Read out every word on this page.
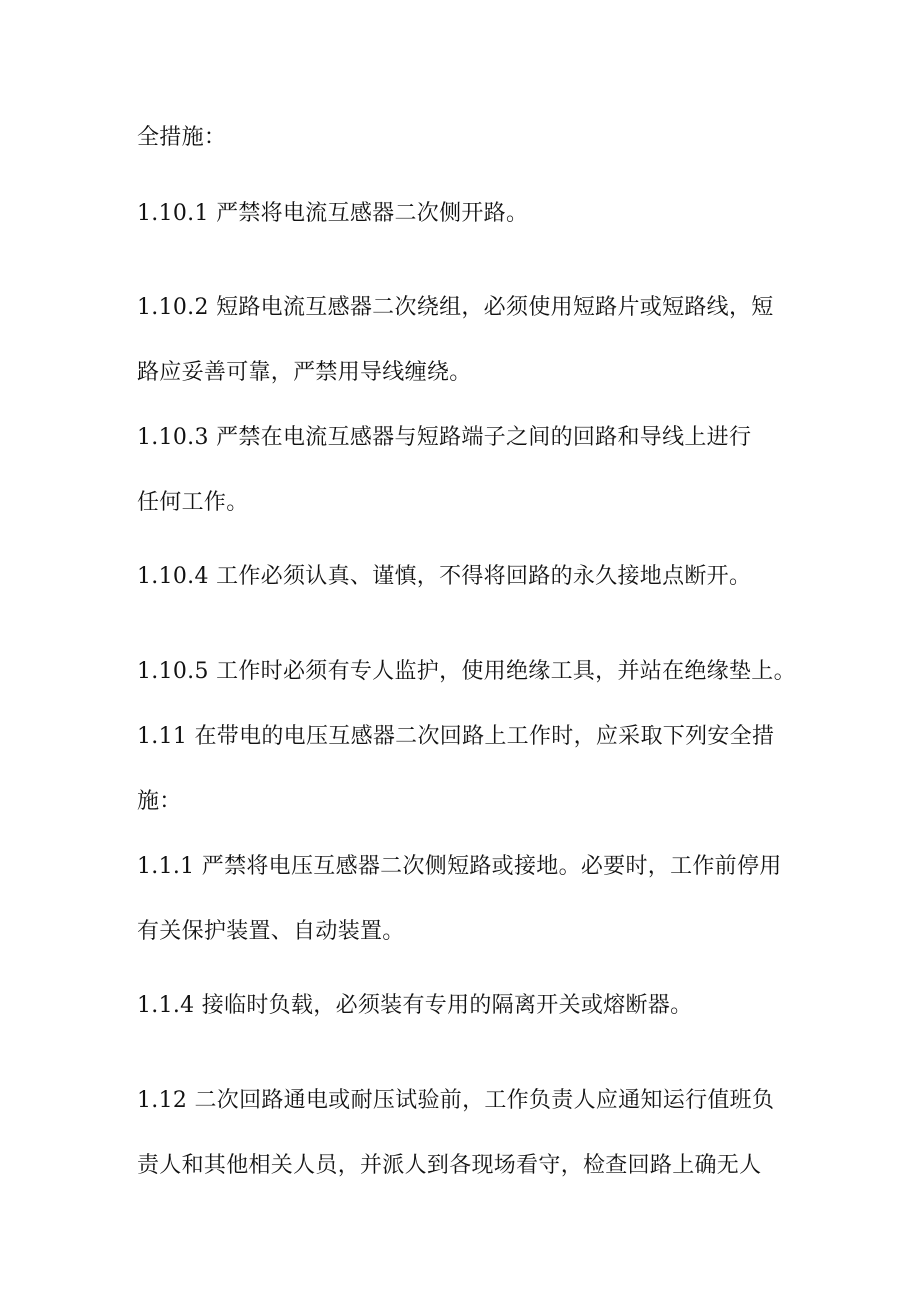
全措施：
1.10.1 严禁将电流互感器二次侧开路。
1.10.2 短路电流互感器二次绕组，必须使用短路片或短路线，短
路应妥善可靠，严禁用导线缠绕。
1.10.3 严禁在电流互感器与短路端子之间的回路和导线上进行
任何工作。
1.10.4 工作必须认真、谨慎，不得将回路的永久接地点断开。
1.10.5 工作时必须有专人监护，使用绝缘工具，并站在绝缘垫上。
1.11 在带电的电压互感器二次回路上工作时，应采取下列安全措
施：
1.1.1 严禁将电压互感器二次侧短路或接地。必要时，工作前停用
有关保护装置、自动装置。
1.1.4 接临时负载，必须装有专用的隔离开关或熔断器。
1.12 二次回路通电或耐压试验前，工作负责人应通知运行值班负
责人和其他相关人员，并派人到各现场看守，检查回路上确无人
